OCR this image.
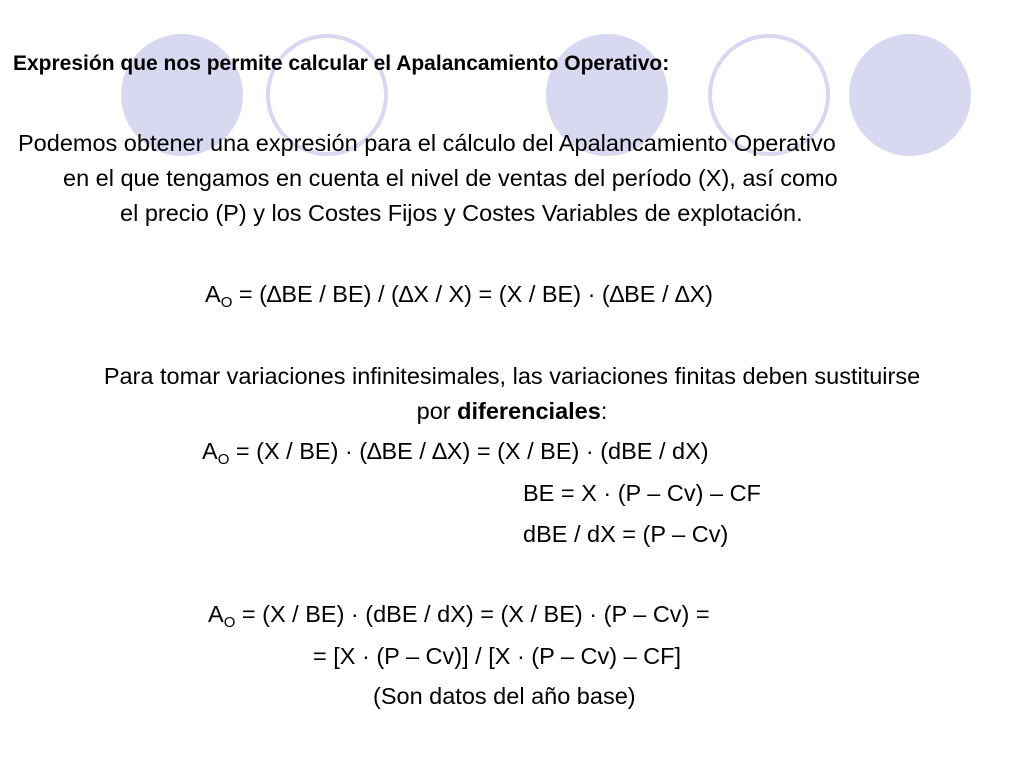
Expresión que nos permite calcular el Apalancamiento Operativo:
Podemos obtener una expresión para el cálculo del Apalancamiento Operativo
en el que tengamos en cuenta el nivel de ventas del período (X), así como
el precio (P) y los Costes Fijos y Costes Variables de explotación.
$A_O = (\Delta BE / BE) / (\Delta X / X) = (X / BE) \cdot (\Delta BE / \Delta X)$
Para tomar variaciones infinitesimales, las variaciones finitas deben sustituirse
por diferenciales:
$A_O = (X / BE) \cdot (\Delta BE / \Delta X) = (X / BE) \cdot (dBE / dX)$
BE = X · (P – Cv) – CF
dBE / dX = (P – Cv)
$A_O = (X / BE) \cdot (dBE / dX) = (X / BE) \cdot (P - Cv)$ =
= [X · (P – Cv)] / [X · (P – Cv) – CF]
(Son datos del año base)
